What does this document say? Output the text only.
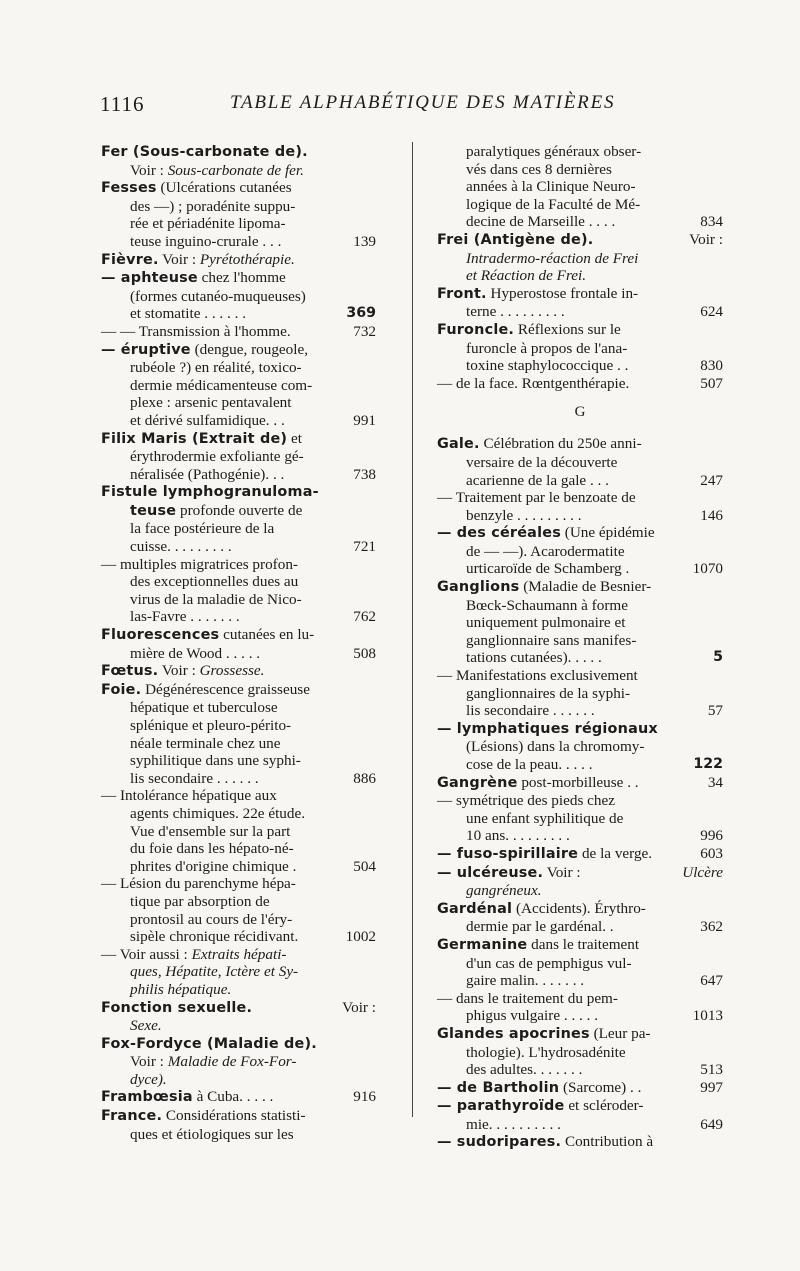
1116	TABLE ALPHABÉTIQUE DES MATIÈRES
Fer (Sous-carbonate de).
Voir : Sous-carbonate de fer.
Fesses (Ulcérations cutanées
des —) ; poradénite suppu-
rée et périadénite lipoma-
teuse inguino-crurale . . .	139
Fièvre. Voir : Pyrétothérapie.
— aphteuse chez l'homme
(formes cutanéo-muqueuses)
et stomatite . . . . . .	369
— — Transmission à l'homme.	732
— éruptive (dengue, rougeole,
rubéole ?) en réalité, toxico-
dermie médicamenteuse com-
plexe : arsenic pentavalent
et dérivé sulfamidique. . .	991
Filix Maris (Extrait de) et
érythrodermie exfoliante gé-
néralisée (Pathogénie). . .	738
Fistule lymphogranuloma-
teuse profonde ouverte de
la face postérieure de la
cuisse. . . . . . . . .	721
— multiples migratrices profon-
des exceptionnelles dues au
virus de la maladie de Nico-
las-Favre . . . . . . .	762
Fluorescences cutanées en lu-
mière de Wood . . . . .	508
Fœtus. Voir : Grossesse.
Foie. Dégénérescence graisseuse
hépatique et tuberculose
splénique et pleuro-périto-
néale terminale chez une
syphilitique dans une syphi-
lis secondaire . . . . . .	886
— Intolérance hépatique aux
agents chimiques. 22e étude.
Vue d'ensemble sur la part
du foie dans les hépato-né-
phrites d'origine chimique .	504
— Lésion du parenchyme hépa-
tique par absorption de
prontosil au cours de l'éry-
sipèle chronique récidivant.	1002
— Voir aussi : Extraits hépati-
ques, Hépatite, Ictère et Sy-
philis hépatique.
Fonction sexuelle.	Voir :
Sexe.
Fox-Fordyce (Maladie de).
Voir : Maladie de Fox-For-
dyce).
Frambœsia à Cuba. . . . .	916
France. Considérations statisti-
ques et étiologiques sur les
paralytiques généraux obser-
vés dans ces 8 dernières
années à la Clinique Neuro-
logique de la Faculté de Mé-
decine de Marseille . . . .	834
Frei (Antigène de).	Voir :
Intradermo-réaction de Frei
et Réaction de Frei.
Front. Hyperostose frontale in-
terne . . . . . . . . .	624
Furoncle. Réflexions sur le
furoncle à propos de l'ana-
toxine staphylococcique . .	830
— de la face. Rœntgenthérapie.	507
G
Gale. Célébration du 250e anni-
versaire de la découverte
acarienne de la gale . . .	247
— Traitement par le benzoate de
benzyle . . . . . . . . .	146
— des céréales (Une épidémie
de — —). Acarodermatite
urticaroïde de Schamberg .	1070
Ganglions (Maladie de Besnier-
Bœck-Schaumann à forme
uniquement pulmonaire et
ganglionnaire sans manifes-
tations cutanées). . . . .	5
— Manifestations exclusivement
ganglionnaires de la syphi-
lis secondaire . . . . . .	57
— lymphatiques régionaux
(Lésions) dans la chromomy-
cose de la peau. . . . .	122
Gangrène post-morbilleuse . .	34
— symétrique des pieds chez
une enfant syphilitique de
10 ans. . . . . . . . .	996
— fuso-spirillaire de la verge.	603
— ulcéreuse. Voir :	Ulcère
gangréneux.
Gardénal (Accidents). Érythro-
dermie par le gardénal. .	362
Germanine dans le traitement
d'un cas de pemphigus vul-
gaire malin. . . . . . .	647
— dans le traitement du pem-
phigus vulgaire . . . . .	1013
Glandes apocrines (Leur pa-
thologie). L'hydrosadénite
des adultes. . . . . . .	513
— de Bartholin (Sarcome) . .	997
— parathyroïde et scléroder-
mie. . . . . . . . . .	649
— sudoripares. Contribution à
